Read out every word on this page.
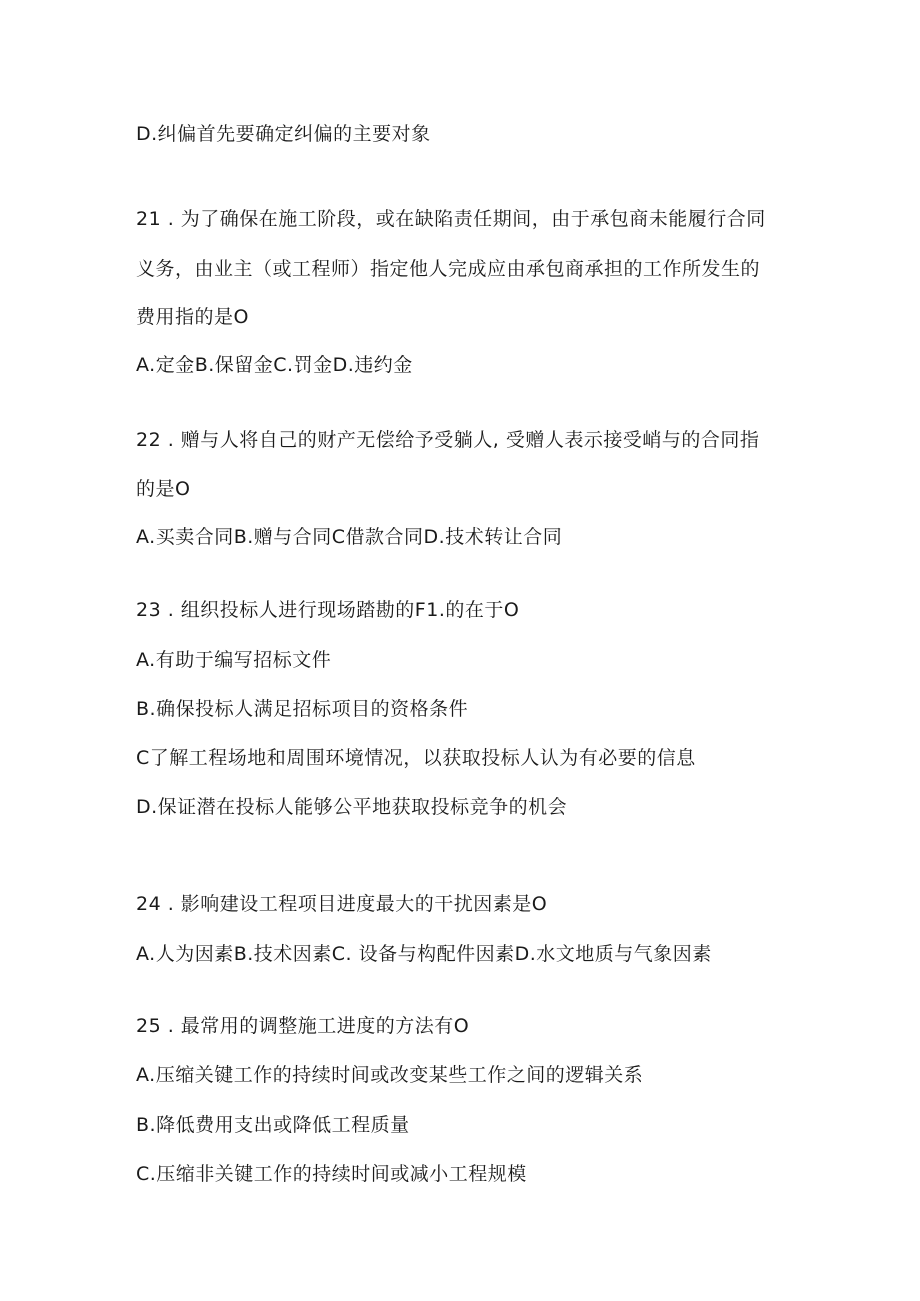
D.纠偏首先要确定纠偏的主要对象
21 . 为了确保在施工阶段，或在缺陷责任期间，由于承包商未能履行合同
义务，由业主（或工程师）指定他人完成应由承包商承担的工作所发生的
费用指的是O
A.定金B.保留金C.罚金D.违约金
22 . 赠与人将自己的财产无偿给予受躺人, 受赠人表示接受峭与的合同指
的是O
A.买卖合同B.赠与合同C借款合同D.技术转让合同
23 . 组织投标人进行现场踏勘的F1.的在于O
A.有助于编写招标文件
B.确保投标人满足招标项目的资格条件
C了解工程场地和周围环境情况，以获取投标人认为有必要的信息
D.保证潜在投标人能够公平地获取投标竞争的机会
24 . 影响建设工程项目进度最大的干扰因素是O
A.人为因素B.技术因素C. 设备与构配件因素D.水文地质与气象因素
25 . 最常用的调整施工进度的方法有O
A.压缩关键工作的持续时间或改变某些工作之间的逻辑关系
B.降低费用支出或降低工程质量
C.压缩非关键工作的持续时间或减小工程规模
